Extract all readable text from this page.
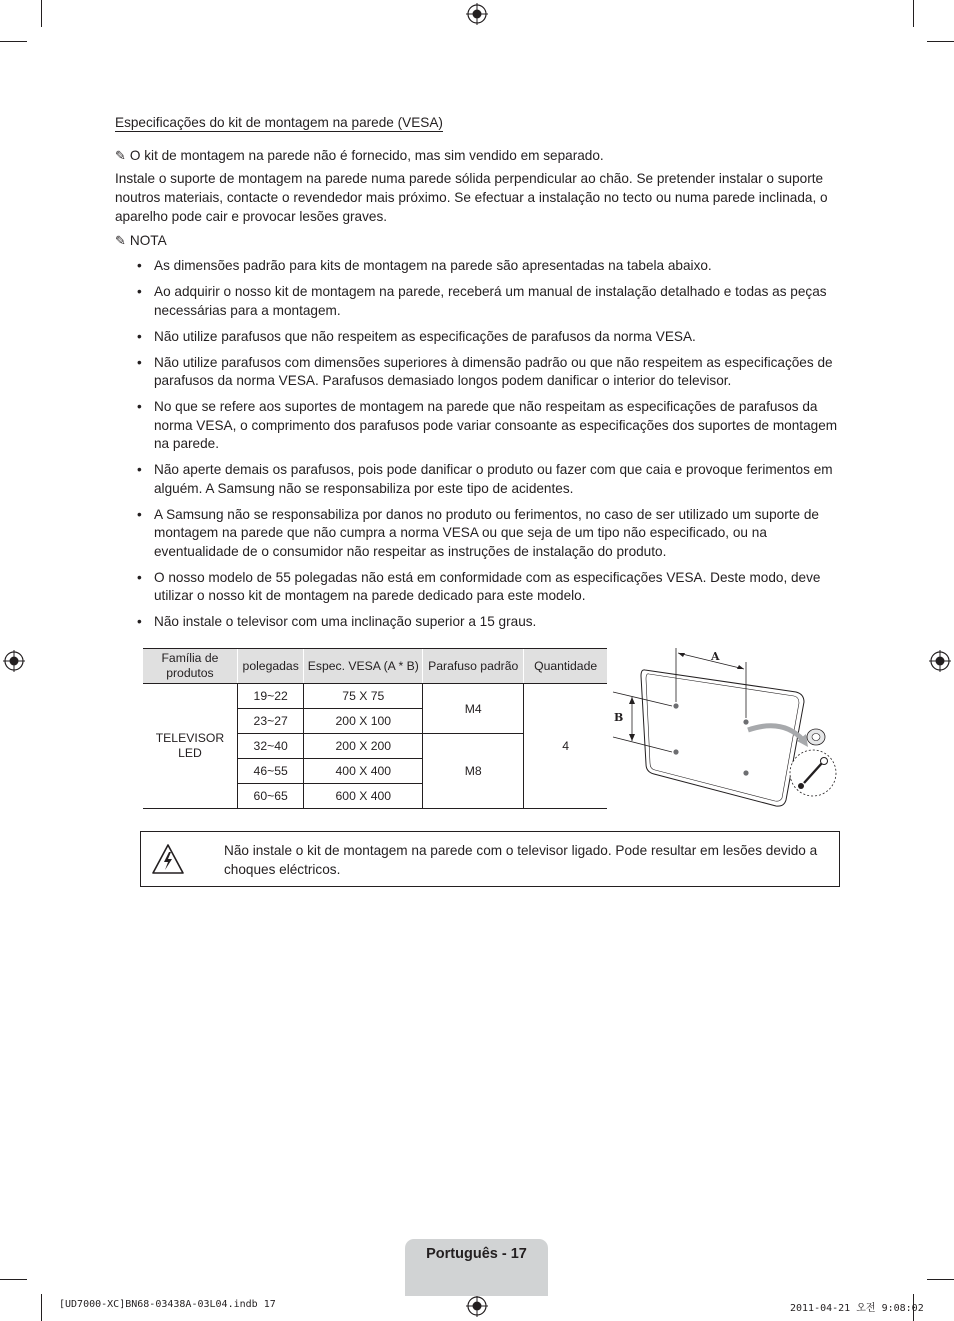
Especificações do kit de montagem na parede (VESA)
✎ O kit de montagem na parede não é fornecido, mas sim vendido em separado.
Instale o suporte de montagem na parede numa parede sólida perpendicular ao chão. Se pretender instalar o suporte noutros materiais, contacte o revendedor mais próximo. Se efectuar a instalação no tecto ou numa parede inclinada, o aparelho pode cair e provocar lesões graves.
✎ NOTA
• As dimensões padrão para kits de montagem na parede são apresentadas na tabela abaixo.
• Ao adquirir o nosso kit de montagem na parede, receberá um manual de instalação detalhado e todas as peças necessárias para a montagem.
• Não utilize parafusos que não respeitem as especificações de parafusos da norma VESA.
• Não utilize parafusos com dimensões superiores à dimensão padrão ou que não respeitem as especificações de parafusos da norma VESA. Parafusos demasiado longos podem danificar o interior do televisor.
• No que se refere aos suportes de montagem na parede que não respeitam as especificações de parafusos da norma VESA, o comprimento dos parafusos pode variar consoante as especificações dos suportes de montagem na parede.
• Não aperte demais os parafusos, pois pode danificar o produto ou fazer com que caia e provoque ferimentos em alguém. A Samsung não se responsabiliza por este tipo de acidentes.
• A Samsung não se responsabiliza por danos no produto ou ferimentos, no caso de ser utilizado um suporte de montagem na parede que não cumpra a norma VESA ou que seja de um tipo não especificado, ou na eventualidade de o consumidor não respeitar as instruções de instalação do produto.
• O nosso modelo de 55 polegadas não está em conformidade com as especificações VESA. Deste modo, deve utilizar o nosso kit de montagem na parede dedicado para este modelo.
• Não instale o televisor com uma inclinação superior a 15 graus.
Família de produtos	polegadas	Espec. VESA (A * B)	Parafuso padrão	Quantidade
TELEVISOR LED	19~22	75 X 75	M4	4
	23~27	200 X 100		
	32~40	200 X 200	M8	
	46~55	400 X 400		
	60~65	600 X 400		
A
B
Não instale o kit de montagem na parede com o televisor ligado. Pode resultar em lesões devido a choques eléctricos.
Português - 17
[UD7000-XC]BN68-03438A-03L04.indb 17	2011-04-21 오전 9:08:02
